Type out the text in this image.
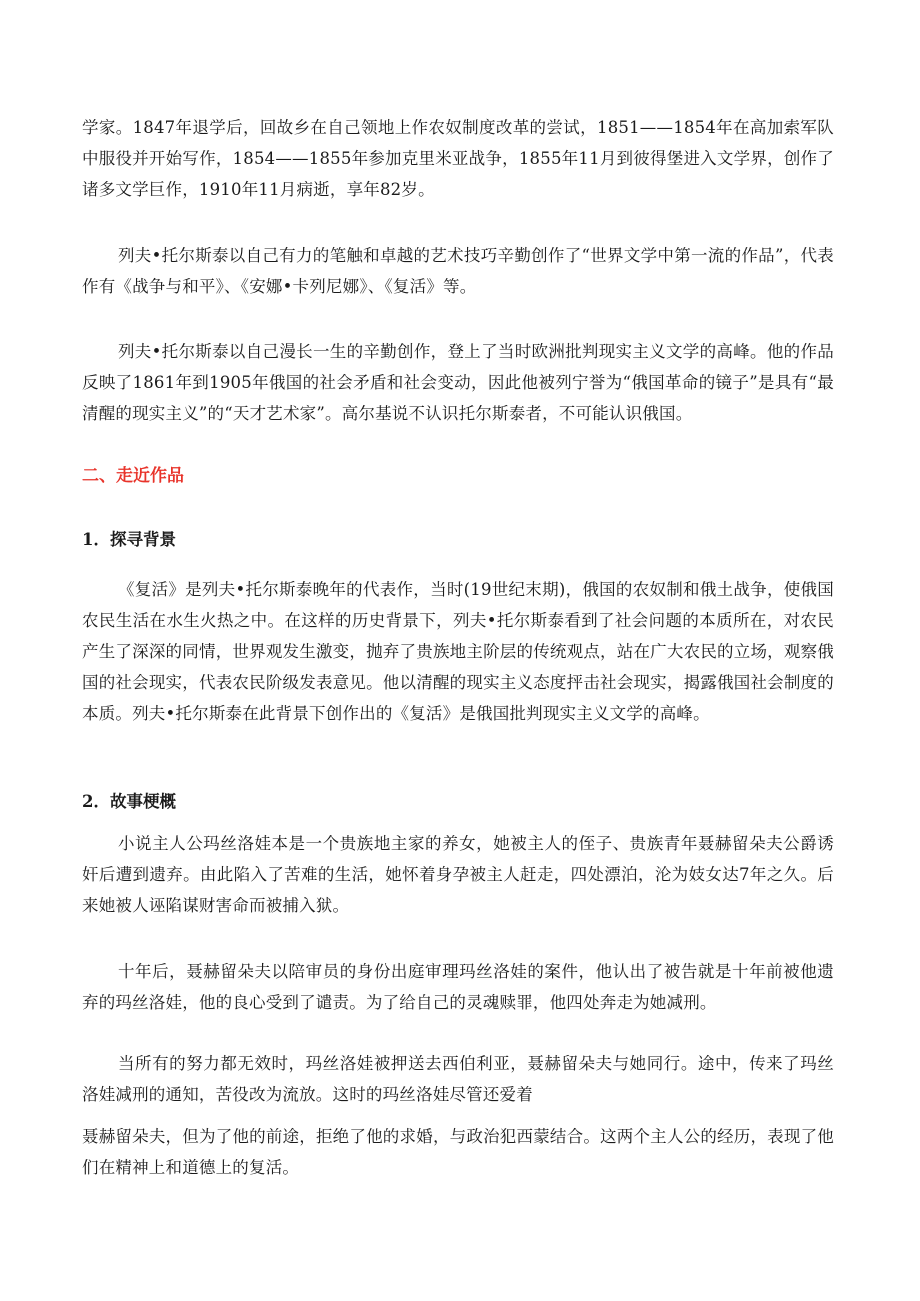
学家。1847年退学后，回故乡在自己领地上作农奴制度改革的尝试，1851——1854年在高加索军队中服役并开始写作，1854——1855年参加克里米亚战争，1855年11月到彼得堡进入文学界，创作了诸多文学巨作，1910年11月病逝，享年82岁。

列夫•托尔斯泰以自己有力的笔触和卓越的艺术技巧辛勤创作了“世界文学中第一流的作品”，代表作有《战争与和平》、《安娜•卡列尼娜》、《复活》等。

列夫•托尔斯泰以自己漫长一生的辛勤创作，登上了当时欧洲批判现实主义文学的高峰。他的作品反映了1861年到1905年俄国的社会矛盾和社会变动，因此他被列宁誉为“俄国革命的镜子”是具有“最清醒的现实主义”的“天才艺术家”。高尔基说不认识托尔斯泰者，不可能认识俄国。

二、走近作品
1．探寻背景

《复活》是列夫•托尔斯泰晚年的代表作，当时(19世纪末期)，俄国的农奴制和俄土战争，使俄国农民生活在水生火热之中。在这样的历史背景下，列夫•托尔斯泰看到了社会问题的本质所在，对农民产生了深深的同情，世界观发生激变，抛弃了贵族地主阶层的传统观点，站在广大农民的立场，观察俄国的社会现实，代表农民阶级发表意见。他以清醒的现实主义态度抨击社会现实，揭露俄国社会制度的本质。列夫•托尔斯泰在此背景下创作出的《复活》是俄国批判现实主义文学的高峰。

2．故事梗概

小说主人公玛丝洛娃本是一个贵族地主家的养女，她被主人的侄子、贵族青年聂赫留朵夫公爵诱奸后遭到遗弃。由此陷入了苦难的生活，她怀着身孕被主人赶走，四处漂泊，沦为妓女达7年之久。后来她被人诬陷谋财害命而被捕入狱。

十年后，聂赫留朵夫以陪审员的身份出庭审理玛丝洛娃的案件，他认出了被告就是十年前被他遗弃的玛丝洛娃，他的良心受到了谴责。为了给自己的灵魂赎罪，他四处奔走为她减刑。

当所有的努力都无效时，玛丝洛娃被押送去西伯利亚，聂赫留朵夫与她同行。途中，传来了玛丝洛娃减刑的通知，苦役改为流放。这时的玛丝洛娃尽管还爱着

聂赫留朵夫，但为了他的前途，拒绝了他的求婚，与政治犯西蒙结合。这两个主人公的经历，表现了他们在精神上和道德上的复活。
